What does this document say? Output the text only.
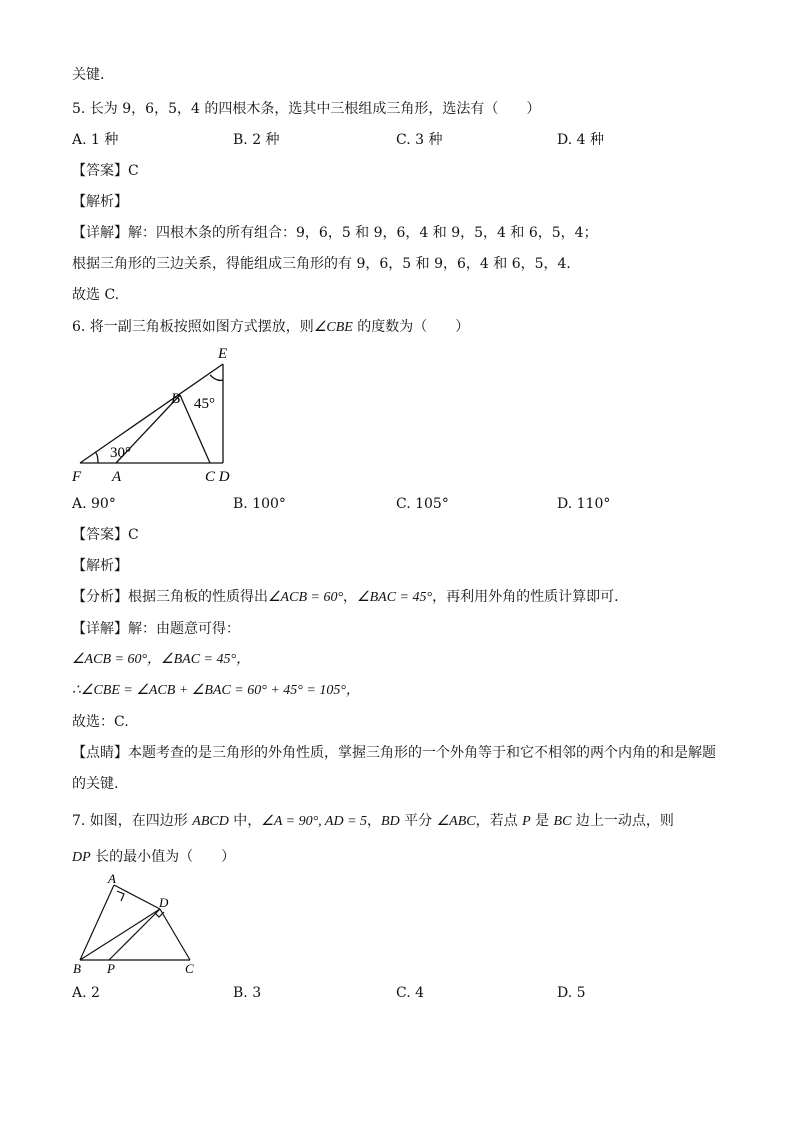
关键.
5. 长为 9，6，5，4 的四根木条，选其中三根组成三角形，选法有（　　）
A. 1 种	B. 2 种	C. 3 种	D. 4 种
【答案】C
【解析】
【详解】解：四根木条的所有组合：9，6，5 和 9，6，4 和 9，5，4 和 6，5，4；
根据三角形的三边关系，得能组成三角形的有 9，6，5 和 9，6，4 和 6，5，4.
故选 C.
6. 将一副三角板按照如图方式摆放，则∠CBE 的度数为（　　）
E
B 45°
30°
F A	C D
A. 90°	B. 100°	C. 105°	D. 110°
【答案】C
【解析】
【分析】根据三角板的性质得出∠ACB = 60°，∠BAC = 45°，再利用外角的性质计算即可.
【详解】解：由题意可得：
∠ACB = 60°，∠BAC = 45°，
∴∠CBE = ∠ACB + ∠BAC = 60° + 45° = 105°，
故选：C.
【点睛】本题考查的是三角形的外角性质，掌握三角形的一个外角等于和它不相邻的两个内角的和是解题
的关键.
7. 如图，在四边形 ABCD 中，∠A = 90°, AD = 5，BD 平分 ∠ABC，若点 P 是 BC 边上一动点，则
DP 长的最小值为（　　）
A
D
B P	C
A. 2	B. 3	C. 4	D. 5
